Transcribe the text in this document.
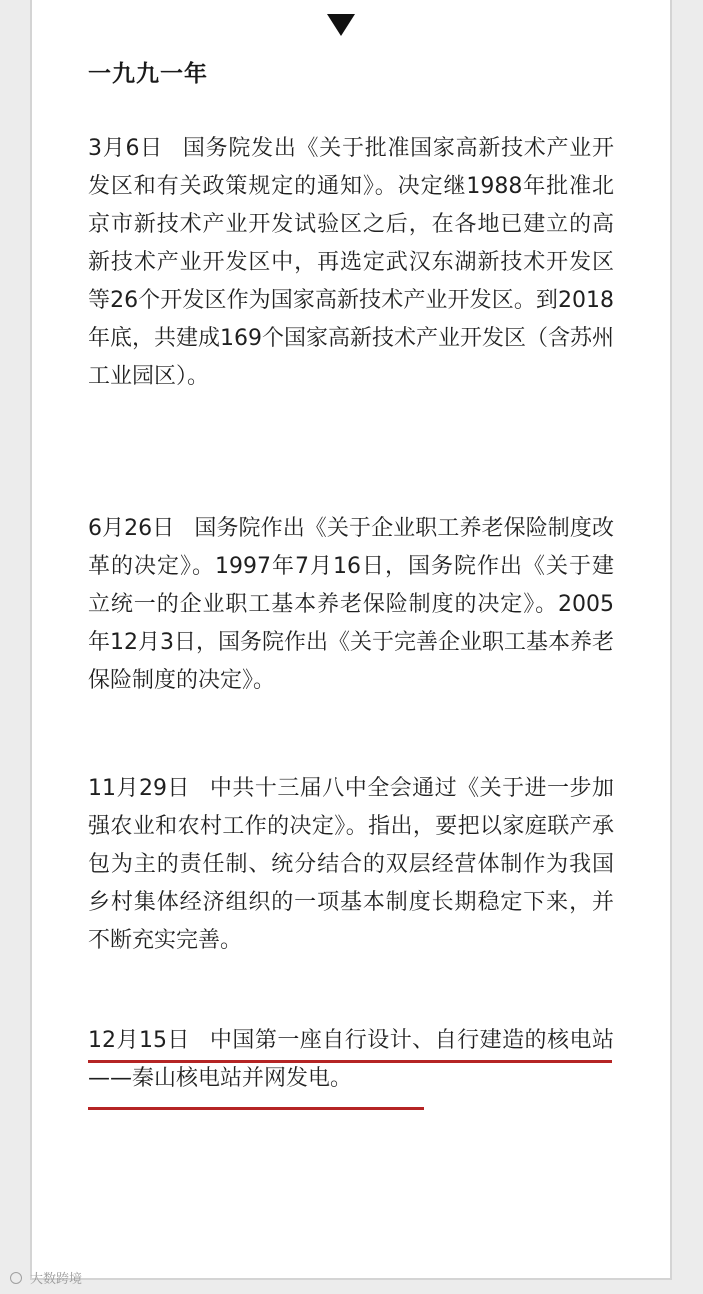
一九九一年

3月6日 国务院发出《关于批准国家高新技术产业开发区和有关政策规定的通知》。决定继1988年批准北京市新技术产业开发试验区之后，在各地已建立的高新技术产业开发区中，再选定武汉东湖新技术开发区等26个开发区作为国家高新技术产业开发区。到2018年底，共建成169个国家高新技术产业开发区（含苏州工业园区）。

6月26日 国务院作出《关于企业职工养老保险制度改革的决定》。1997年7月16日，国务院作出《关于建立统一的企业职工基本养老保险制度的决定》。2005年12月3日，国务院作出《关于完善企业职工基本养老保险制度的决定》。

11月29日 中共十三届八中全会通过《关于进一步加强农业和农村工作的决定》。指出，要把以家庭联产承包为主的责任制、统分结合的双层经营体制作为我国乡村集体经济组织的一项基本制度长期稳定下来，并不断充实完善。

12月15日 中国第一座自行设计、自行建造的核电站——秦山核电站并网发电。

大数跨境
